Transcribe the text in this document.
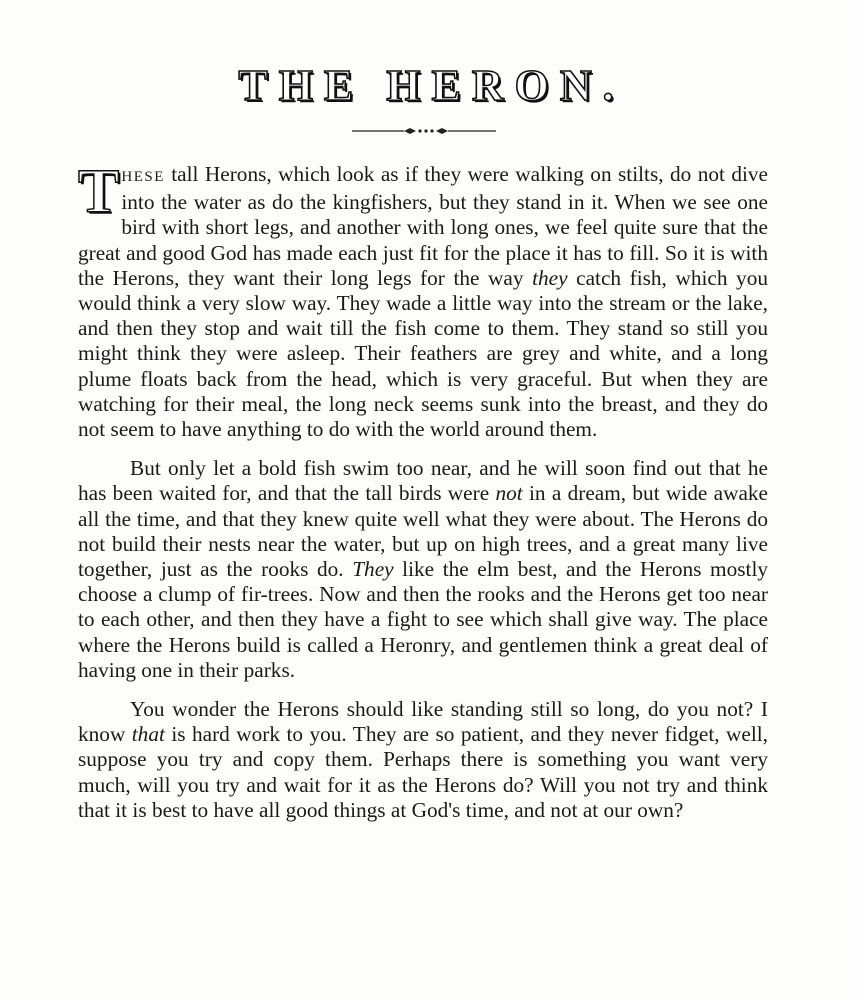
THE HERON.

THESE tall Herons, which look as if they were walking on stilts, do not dive into the water as do the kingfishers, but they stand in it. When we see one bird with short legs, and another with long ones, we feel quite sure that the great and good God has made each just fit for the place it has to fill. So it is with the Herons, they want their long legs for the way they catch fish, which you would think a very slow way. They wade a little way into the stream or the lake, and then they stop and wait till the fish come to them. They stand so still you might think they were asleep. Their feathers are grey and white, and a long plume floats back from the head, which is very graceful. But when they are watching for their meal, the long neck seems sunk into the breast, and they do not seem to have anything to do with the world around them.

But only let a bold fish swim too near, and he will soon find out that he has been waited for, and that the tall birds were not in a dream, but wide awake all the time, and that they knew quite well what they were about. The Herons do not build their nests near the water, but up on high trees, and a great many live together, just as the rooks do. They like the elm best, and the Herons mostly choose a clump of fir-trees. Now and then the rooks and the Herons get too near to each other, and then they have a fight to see which shall give way. The place where the Herons build is called a Heronry, and gentlemen think a great deal of having one in their parks.

You wonder the Herons should like standing still so long, do you not? I know that is hard work to you. They are so patient, and they never fidget, well, suppose you try and copy them. Perhaps there is something you want very much, will you try and wait for it as the Herons do? Will you not try and think that it is best to have all good things at God's time, and not at our own?
